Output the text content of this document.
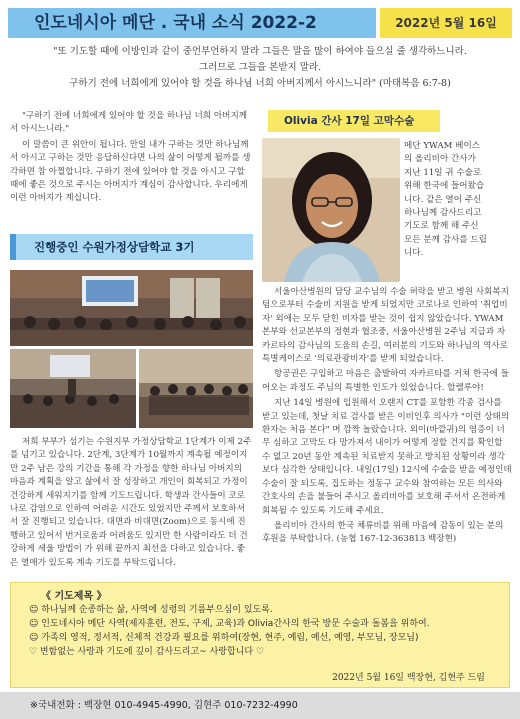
인도네시아 메단 . 국내 소식 2022-2	2022년 5월 16일
"또 기도할 때에 이방인과 같이 중언부언하지 말라 그들은 말을 많이 하여야 들으실 줄 생각하느니라.
그러므로 그들을 본받지 말라.
구하기 전에 너희에게 있어야 할 것을 하나님 너희 아버지께서 아시느니라" (마태복음 6:7-8)

"구하기 전에 너희에게 있어야 할 것을 하나님 너희 아버지께서 아시느니라."

이 말씀이 큰 위안이 됩니다. 만일 내가 구하는 것만 하나님께서 아시고 구하는 것만 응답하신다면 나의 삶이 어떻게 될까를 생각하면 참 아찔합니다. 구하기 전에 있어야 할 것을 아시고 구할 때에 좋은 것으로 주시는 아버지가 계심이 감사합니다. 우리에게 이런 아버지가 계십니다.

진행중인 수원가정상담학교 3기

저희 부부가 섬기는 수원지부 가정상담학교 1단계가 이제 2주를 넘기고 있습니다. 2단계, 3단계가 10월까지 계속될 예정이지만 2주 남은 강의 기간을 통해 각 가정을 향한 하나님 아버지의 마음과 계획을 알고 삶에서 잘 성장하고 개인이 회복되고 가정이 건강하게 세워지기를 함께 기도드립니다. 학생과 간사들이 코로나로 감염으로 인하여 어려운 시간도 있었지만 주께서 보호하셔서 잘 진행되고 있습니다. 대면과 비대면(Zoom)으로 동시에 진행하고 있어서 번거로움과 어려움도 있지만 한 사람이라도 더 건강하게 세울 방법이 가 위해 끝까지 최선을 다하고 있습니다. 좋은 열매가 있도록 계속 기도를 부탁드립니다.

Olivia 간사 17일 고막수술
메단 YWAM 베이스
의 올리비아 간사가
지난 11일 귀 수술로
위해 한국에 들어왔습
니다. 같은 열어 주신
하나님께 감사드리고
기도로 함께 해 주신
모든 분께 감사를 드립
니다.

서울아산병원의 담당 교수님의 수술 허락을 받고 병원 사회복지 팀으로부터 수술비 지원을 받게 되었지만 코로나로 인하여 '취업비자' 외에는 모두 닫힌 비자를 받는 것이 쉽지 않았습니다. YWAM 본부와 선교본부의 정현과 협조중, 서울아산병원 2주님 지급과 자카르타의 감사님의 도움의 손길, 여러분의 기도와 하나님의 역사로 특별케이스로 '의료관광비자'를 받게 되었습니다.

항공권은 구입하고 마음은 출발하여 자카르타를 거쳐 한국에 들어오는 과정도 주님의 특별한 인도가 있었습니다. 할렐루야!

지난 14일 병원에 입원해서 오랜지 CT를 포함한 각종 검사를 받고 있는데, 첫날 치료 검사를 받은 이비인후 의사가 "이런 상태의 환자는 처음 본다" 며 깜짝 놀랐습니다. 외이(바깥귀)의 염증이 너무 심하고 고막도 다 망가져서 내이가 어떻게 정할 건지를 확인할 수 없고 20년 동안 계속된 치료받지 못하고 방치된 상황이라 생각보다 심각한 상태입니다. 내일(17일) 12시에 수술을 받을 예정인데 수술이 잘 되도록, 집도하는 정동구 교수와 참여하는 모든 의사와 간호사의 손을 붙들어 주시고 올리비아를 보호해 주셔서 온전하게 회복될 수 있도록 기도해 주세요.

올리비아 간사의 한국 체류비를 위해 마음에 감동이 있는 분의 후원을 부탁합니다. (농협 167-12-363813 백장현)

《 기도제목 》
☺ 하나님께 순종하는 삶, 사역에 성령의 기름부으심이 있도록.
☺ 인도네시아 메단 사역(제자훈련, 전도, 구제, 교육)과 Olivia간사의 한국 방문 수술과 돌봄을 위하여.
☺ 가족의 영적, 정서적, 신체적 건강과 필요를 위하여(장현, 현주, 예림, 예선, 예영, 부모님, 장모님)
♡ 변함없는 사랑과 기도에 깊이 감사드리고~ 사랑합니다 ♡
2022년 5월 16일 백장현, 김현주 드림
※국내전화 : 백장현 010-4945-4990, 김현주 010-7232-4990
